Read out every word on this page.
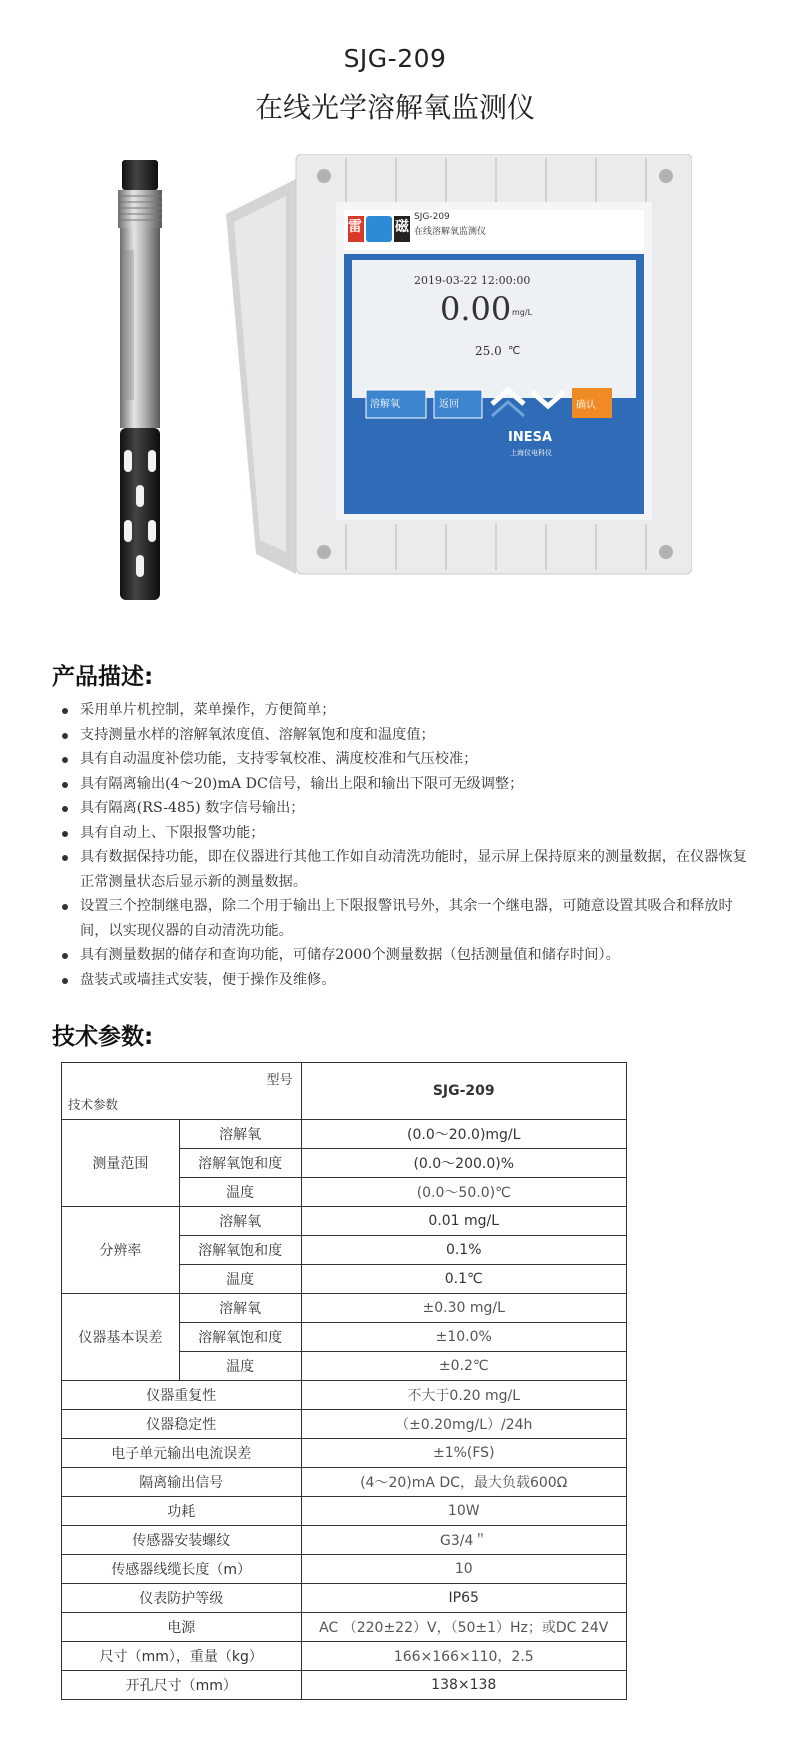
SJG-209
在线光学溶解氧监测仪
雷 磁
SJG-209
在线溶解氧监测仪
2019-03-22 12:00:00
0.00 mg/L
25.0 ℃
溶解氧	返回	确认
INESA
上海仪电科仪
产品描述:
采用单片机控制，菜单操作，方便简单；
支持测量水样的溶解氧浓度值、溶解氧饱和度和温度值；
具有自动温度补偿功能，支持零氧校准、满度校准和气压校准；
具有隔离输出(4～20)mA DC信号，输出上限和输出下限可无级调整；
具有隔离(RS-485) 数字信号输出；
具有自动上、下限报警功能；
具有数据保持功能，即在仪器进行其他工作如自动清洗功能时，显示屏上保持原来的测量数据，在仪器恢复正常测量状态后显示新的测量数据。
设置三个控制继电器，除二个用于输出上下限报警讯号外，其余一个继电器，可随意设置其吸合和释放时间，以实现仪器的自动清洗功能。
具有测量数据的储存和查询功能，可储存2000个测量数据（包括测量值和储存时间）。
盘装式或墙挂式安装，便于操作及维修。
技术参数:
型号
技术参数		SJG-209
测量范围	溶解氧	(0.0～20.0)mg/L
	溶解氧饱和度	(0.0～200.0)%
	温度	(0.0～50.0)℃
分辨率	溶解氧	0.01 mg/L
	溶解氧饱和度	0.1%
	温度	0.1℃
仪器基本误差	溶解氧	±0.30 mg/L
	溶解氧饱和度	±10.0%
	温度	±0.2℃
仪器重复性		不大于0.20 mg/L
仪器稳定性		（±0.20mg/L）/24h
电子单元输出电流误差		±1%(FS)
隔离输出信号		(4～20)mA DC，最大负载600Ω
功耗		10W
传感器安装螺纹		G3/4＂
传感器线缆长度（m）		10
仪表防护等级		IP65
电源		AC （220±22）V，（50±1）Hz；或DC 24V
尺寸（mm），重量（kg）		166×166×110，2.5
开孔尺寸（mm）		138×138
